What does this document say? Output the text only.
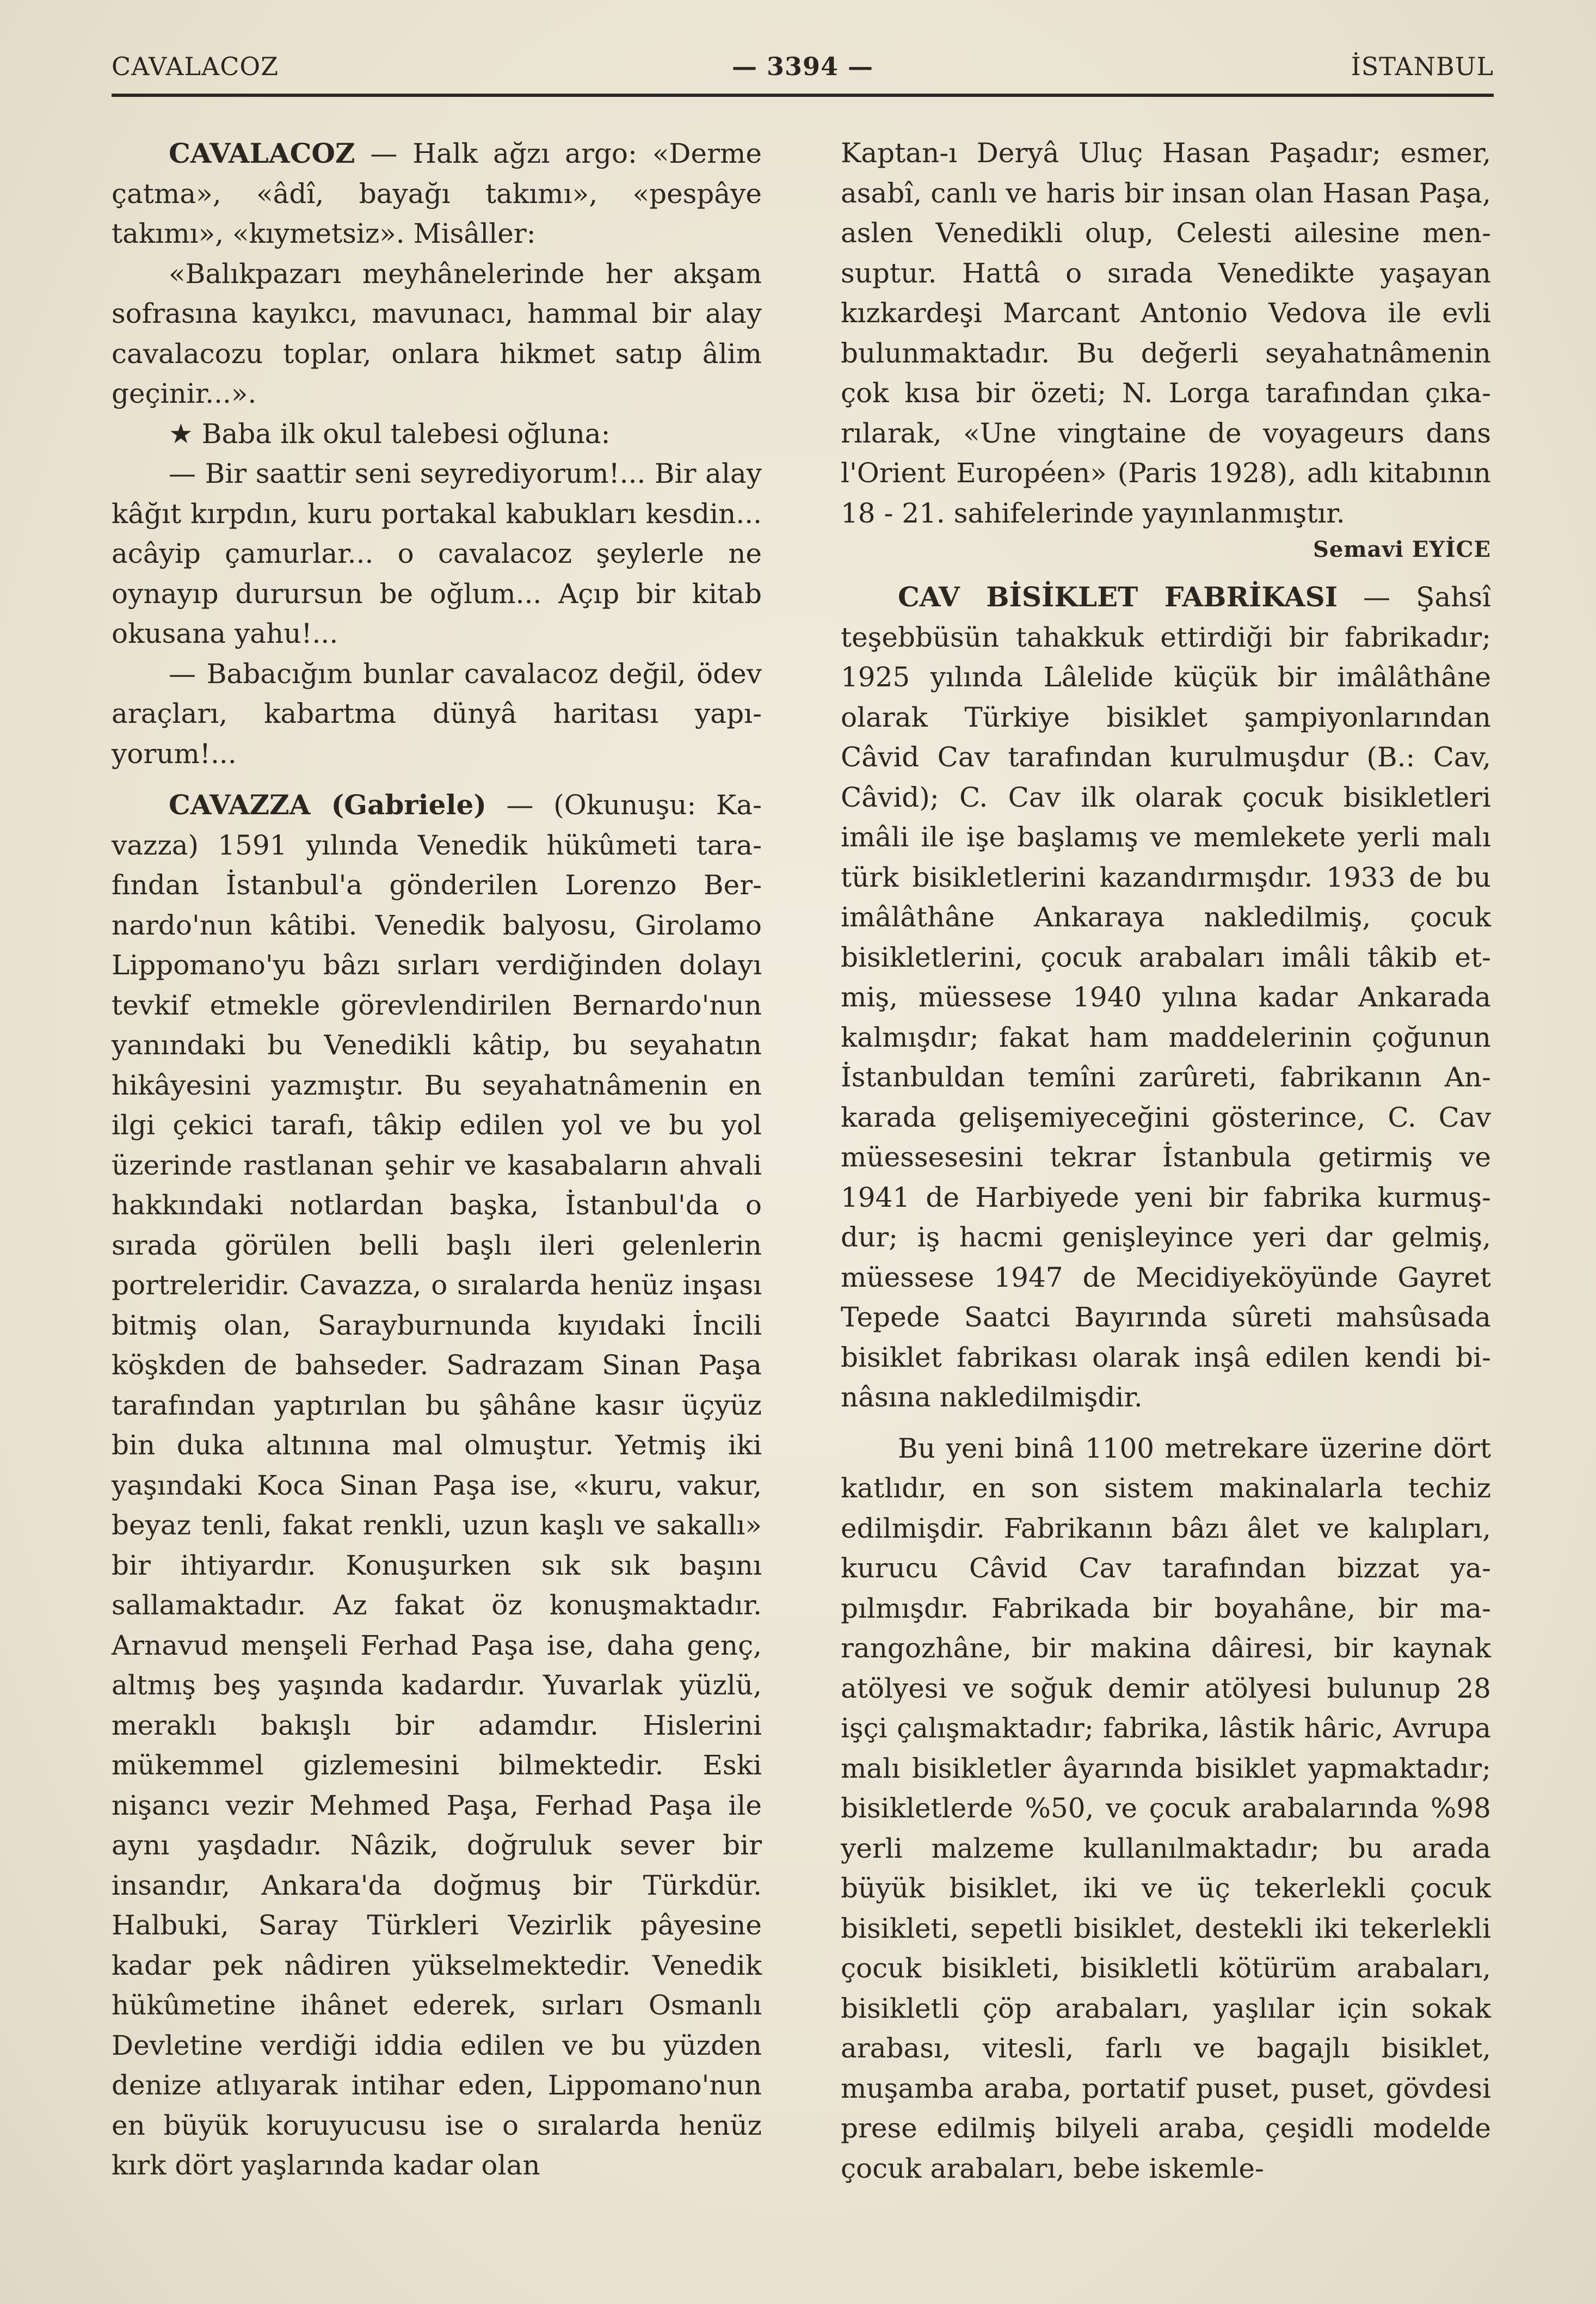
CAVALACOZ	— 3394 —	İSTANBUL

CAVALACOZ — Halk ağzı argo: «Derme çatma», «âdî, bayağı takımı», «pespâye takımı», «kıymetsiz». Misâller:

«Balıkpazarı meyhânelerinde her akşam sofrasına kayıkcı, mavunacı, hammal bir alay cavalacozu toplar, onlara hikmet satıp âlim geçinir...».

★ Baba ilk okul talebesi oğluna:

— Bir saattir seni seyrediyorum!... Bir alay kâğıt kırpdın, kuru portakal kabukları kesdin... acâyip çamurlar... o cavalacoz şeylerle ne oynayıp durursun be oğlum... Açıp bir kitab okusana yahu!...

— Babacığım bunlar cavalacoz değil, ödev araçları, kabartma dünyâ haritası yapıyorum!...

CAVAZZA (Gabriele) — (Okunuşu: Kavazza) 1591 yılında Venedik hükûmeti tarafından İstanbul'a gönderilen Lorenzo Bernardo'nun kâtibi. Venedik balyosu, Girolamo Lippomano'yu bâzı sırları verdiğinden dolayı tevkif etmekle görevlendirilen Bernardo'nun yanındaki bu Venedikli kâtip, bu seyahatın hikâyesini yazmıştır. Bu seyahatnâmenin en ilgi çekici tarafı, tâkip edilen yol ve bu yol üzerinde rastlanan şehir ve kasabaların ahvali hakkındaki notlardan başka, İstanbul'da o sırada görülen belli başlı ileri gelenlerin portreleridir. Cavazza, o sıralarda henüz inşası bitmiş olan, Sarayburnunda kıyıdaki İncili köşkden de bahseder. Sadrazam Sinan Paşa tarafından yaptırılan bu şâhâne kasır üçyüz bin duka altınına mal olmuştur. Yetmiş iki yaşındaki Koca Sinan Paşa ise, «kuru, vakur, beyaz tenli, fakat renkli, uzun kaşlı ve sakallı» bir ihtiyardır. Konuşurken sık sık başını sallamaktadır. Az fakat öz konuşmaktadır. Arnavud menşeli Ferhad Paşa ise, daha genç, altmış beş yaşında kadardır. Yuvarlak yüzlü, meraklı bakışlı bir adamdır. Hislerini mükemmel gizlemesini bilmektedir. Eski nişancı vezir Mehmed Paşa, Ferhad Paşa ile aynı yaşdadır. Nâzik, doğruluk sever bir insandır, Ankara'da doğmuş bir Türkdür. Halbuki, Saray Türkleri Vezirlik pâyesine kadar pek nâdiren yükselmektedir. Venedik hükûmetine ihânet ederek, sırları Osmanlı Devletine verdiği iddia edilen ve bu yüzden denize atlıyarak intihar eden, Lippomano'nun en büyük koruyucusu ise o sıralarda henüz kırk dört yaşlarında kadar olan

Kaptan-ı Deryâ Uluç Hasan Paşadır; esmer, asabî, canlı ve haris bir insan olan Hasan Paşa, aslen Venedikli olup, Celesti ailesine mensuptur. Hattâ o sırada Venedikte yaşayan kızkardeşi Marcant Antonio Vedova ile evli bulunmaktadır. Bu değerli seyahatnâmenin çok kısa bir özeti; N. Lorga tarafından çıkarılarak, «Une vingtaine de voyageurs dans l'Orient Européen» (Paris 1928), adlı kitabının 18 - 21. sahifelerinde yayınlanmıştır.

Semavi EYİCE

CAV BİSİKLET FABRİKASI — Şahsî teşebbüsün tahakkuk ettirdiği bir fabrikadır; 1925 yılında Lâlelide küçük bir imâlâthâne olarak Türkiye bisiklet şampiyonlarından Câvid Cav tarafından kurulmuşdur (B.: Cav, Câvid); C. Cav ilk olarak çocuk bisikletleri imâli ile işe başlamış ve memlekete yerli malı türk bisikletlerini kazandırmışdır. 1933 de bu imâlâthâne Ankaraya nakledilmiş, çocuk bisikletlerini, çocuk arabaları imâli tâkib etmiş, müessese 1940 yılına kadar Ankarada kalmışdır; fakat ham maddelerinin çoğunun İstanbuldan temîni zarûreti, fabrikanın Ankarada gelişemiyeceğini gösterince, C. Cav müessesesini tekrar İstanbula getirmiş ve 1941 de Harbiyede yeni bir fabrika kurmuşdur; iş hacmi genişleyince yeri dar gelmiş, müessese 1947 de Mecidiyeköyünde Gayret Tepede Saatci Bayırında sûreti mahsûsada bisiklet fabrikası olarak inşâ edilen kendi binâsına nakledilmişdir.

Bu yeni binâ 1100 metrekare üzerine dört katlıdır, en son sistem makinalarla techiz edilmişdir. Fabrikanın bâzı âlet ve kalıpları, kurucu Câvid Cav tarafından bizzat yapılmışdır. Fabrikada bir boyahâne, bir marangozhâne, bir makina dâiresi, bir kaynak atölyesi ve soğuk demir atölyesi bulunup 28 işçi çalışmaktadır; fabrika, lâstik hâric, Avrupa malı bisikletler âyarında bisiklet yapmaktadır; bisikletlerde %50, ve çocuk arabalarında %98 yerli malzeme kullanılmaktadır; bu arada büyük bisiklet, iki ve üç tekerlekli çocuk bisikleti, sepetli bisiklet, destekli iki tekerlekli çocuk bisikleti, bisikletli kötürüm arabaları, bisikletli çöp arabaları, yaşlılar için sokak arabası, vitesli, farlı ve bagajlı bisiklet, muşamba araba, portatif puset, puset, gövdesi prese edilmiş bilyeli araba, çeşidli modelde çocuk arabaları, bebe iskemle-
